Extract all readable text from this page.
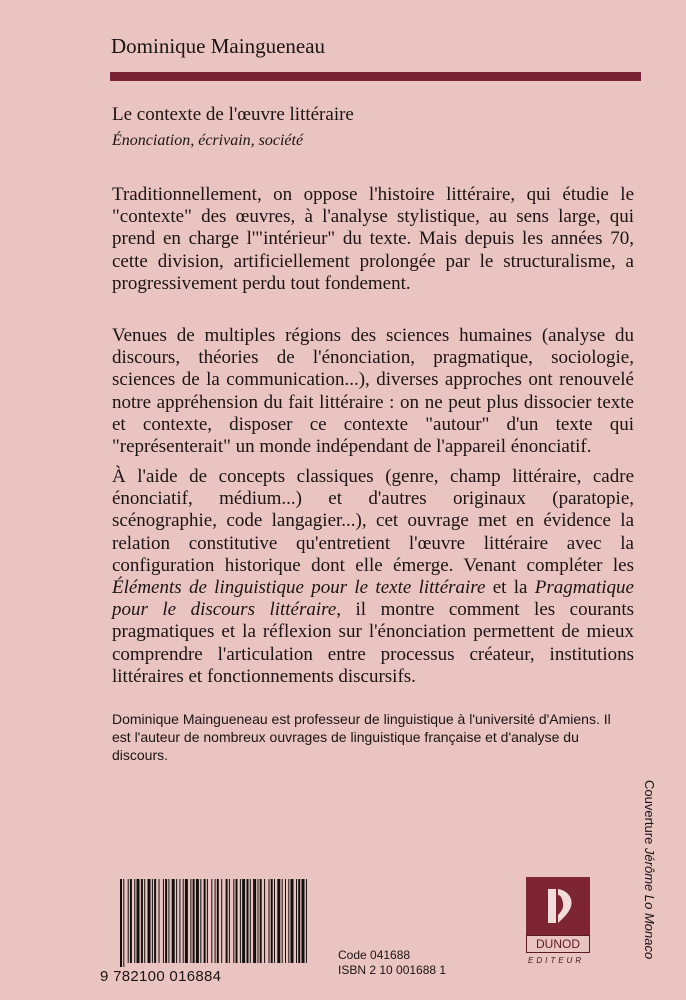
Dominique Maingueneau
Le contexte de l'œuvre littéraire
Énonciation, écrivain, société

Traditionnellement, on oppose l'histoire littéraire, qui étudie le "contexte" des œuvres, à l'analyse stylistique, au sens large, qui prend en charge l'"intérieur" du texte. Mais depuis les années 70, cette division, artificiellement prolongée par le structuralisme, a progressivement perdu tout fondement.

Venues de multiples régions des sciences humaines (analyse du discours, théories de l'énonciation, pragmatique, sociologie, sciences de la communication...), diverses approches ont renouvelé notre appréhension du fait littéraire : on ne peut plus dissocier texte et contexte, disposer ce contexte "autour" d'un texte qui "représenterait" un monde indépendant de l'appareil énonciatif.

À l'aide de concepts classiques (genre, champ littéraire, cadre énonciatif, médium...) et d'autres originaux (paratopie, scénographie, code langagier...), cet ouvrage met en évidence la relation constitutive qu'entretient l'œuvre littéraire avec la configuration historique dont elle émerge. Venant compléter les Éléments de linguistique pour le texte littéraire et la Pragmatique pour le discours littéraire, il montre comment les courants pragmatiques et la réflexion sur l'énonciation permettent de mieux comprendre l'articulation entre processus créateur, institutions littéraires et fonctionnements discursifs.

Dominique Maingueneau est professeur de linguistique à l'université d'Amiens. Il est l'auteur de nombreux ouvrages de linguistique française et d'analyse du discours.

Couverture Jérôme Lo Monaco
9 782100 016884
Code 041688
ISBN 2 10 001688 1
DUNOD
EDITEUR
